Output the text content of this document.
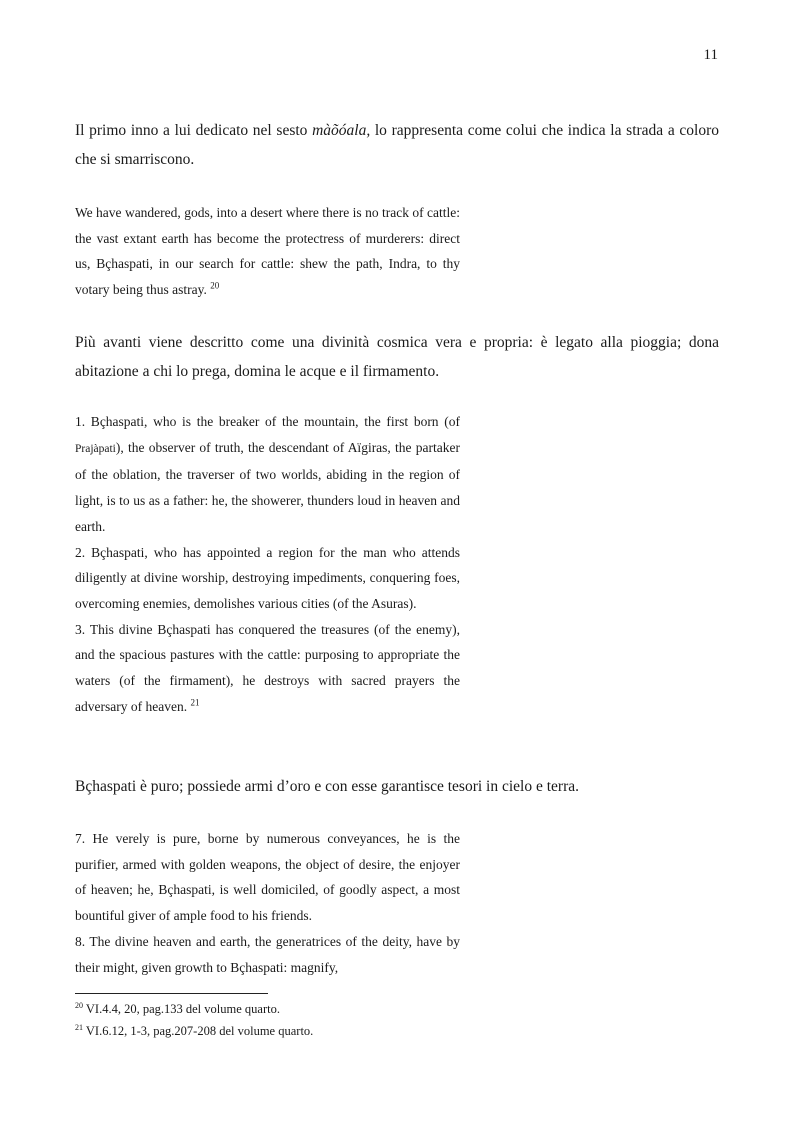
11
Il primo inno a lui dedicato nel sesto màõóala, lo rappresenta come colui che indica la strada a coloro che si smarriscono.

We have wandered, gods, into a desert where there is no track of cattle: the vast extant earth has become the protectress of murderers: direct us, Bçhaspati, in our search for cattle: shew the path, Indra, to thy votary being thus astray. $^{20}$

Più avanti viene descritto come una divinità cosmica vera e propria: è legato alla pioggia; dona abitazione a chi lo prega, domina le acque e il firmamento.

1. Bçhaspati, who is the breaker of the mountain, the first born (of Prajàpati), the observer of truth, the descendant of Aïgiras, the partaker of the oblation, the traverser of two worlds, abiding in the region of light, is to us as a father: he, the showerer, thunders loud in heaven and earth.

2. Bçhaspati, who has appointed a region for the man who attends diligently at divine worship, destroying impediments, conquering foes, overcoming enemies, demolishes various cities (of the Asuras).

3. This divine Bçhaspati has conquered the treasures (of the enemy), and the spacious pastures with the cattle: purposing to appropriate the waters (of the firmament), he destroys with sacred prayers the adversary of heaven. $^{21}$

Bçhaspati è puro; possiede armi d’oro e con esse garantisce tesori in cielo e terra.

7. He verely is pure, borne by numerous conveyances, he is the purifier, armed with golden weapons, the object of desire, the enjoyer of heaven; he, Bçhaspati, is well domiciled, of goodly aspect, a most bountiful giver of ample food to his friends.

8. The divine heaven and earth, the generatrices of the deity, have by their might, given growth to Bçhaspati: magnify,

$^{20}$ VI.4.4, 20, pag.133 del volume quarto.
$^{21}$ VI.6.12, 1-3, pag.207-208 del volume quarto.
